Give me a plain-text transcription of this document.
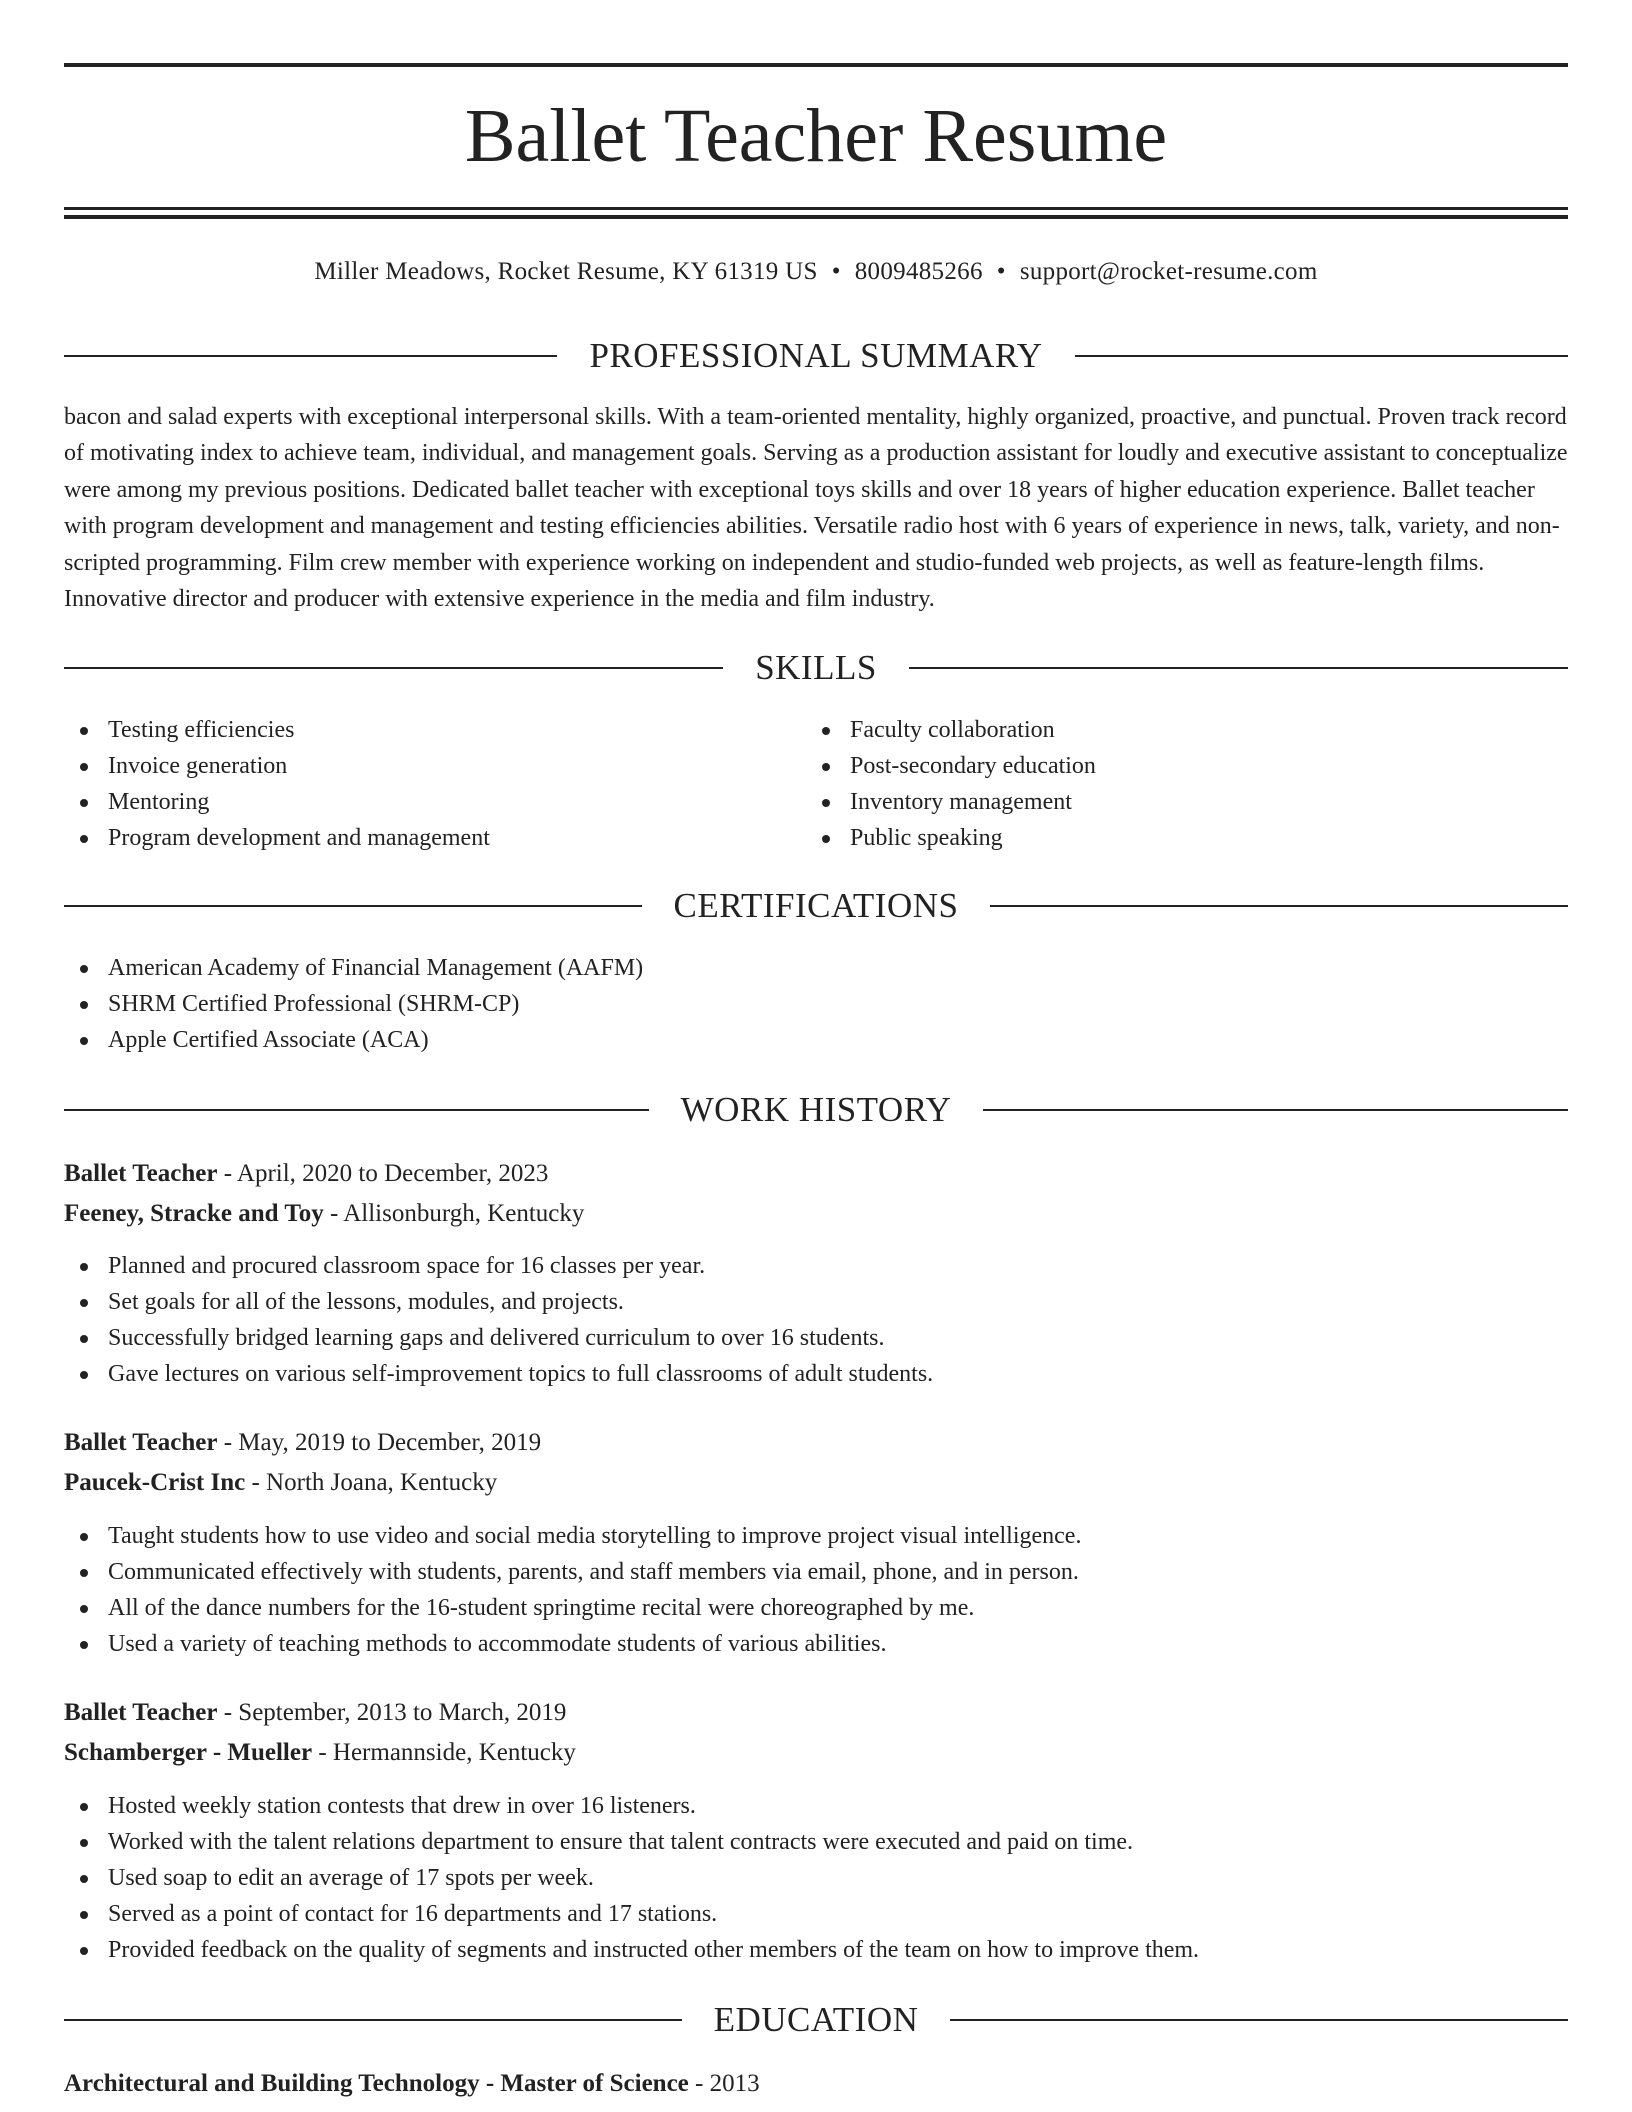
Ballet Teacher Resume
Miller Meadows, Rocket Resume, KY 61319 US • 8009485266 • support@rocket-resume.com
PROFESSIONAL SUMMARY

bacon and salad experts with exceptional interpersonal skills. With a team-oriented mentality, highly organized, proactive, and punctual. Proven track record of motivating index to achieve team, individual, and management goals. Serving as a production assistant for loudly and executive assistant to conceptualize were among my previous positions. Dedicated ballet teacher with exceptional toys skills and over 18 years of higher education experience. Ballet teacher with program development and management and testing efficiencies abilities. Versatile radio host with 6 years of experience in news, talk, variety, and non-scripted programming. Film crew member with experience working on independent and studio-funded web projects, as well as feature-length films. Innovative director and producer with extensive experience in the media and film industry.

SKILLS
Testing efficiencies
Invoice generation
Mentoring
Program development and management
Faculty collaboration
Post-secondary education
Inventory management
Public speaking
CERTIFICATIONS
American Academy of Financial Management (AAFM)
SHRM Certified Professional (SHRM-CP)
Apple Certified Associate (ACA)
WORK HISTORY
Ballet Teacher - April, 2020 to December, 2023
Feeney, Stracke and Toy - Allisonburgh, Kentucky
Planned and procured classroom space for 16 classes per year.
Set goals for all of the lessons, modules, and projects.
Successfully bridged learning gaps and delivered curriculum to over 16 students.
Gave lectures on various self-improvement topics to full classrooms of adult students.
Ballet Teacher - May, 2019 to December, 2019
Paucek-Crist Inc - North Joana, Kentucky
Taught students how to use video and social media storytelling to improve project visual intelligence.
Communicated effectively with students, parents, and staff members via email, phone, and in person.
All of the dance numbers for the 16-student springtime recital were choreographed by me.
Used a variety of teaching methods to accommodate students of various abilities.
Ballet Teacher - September, 2013 to March, 2019
Schamberger - Mueller - Hermannside, Kentucky
Hosted weekly station contests that drew in over 16 listeners.
Worked with the talent relations department to ensure that talent contracts were executed and paid on time.
Used soap to edit an average of 17 spots per week.
Served as a point of contact for 16 departments and 17 stations.
Provided feedback on the quality of segments and instructed other members of the team on how to improve them.
EDUCATION
Architectural and Building Technology - Master of Science - 2013
